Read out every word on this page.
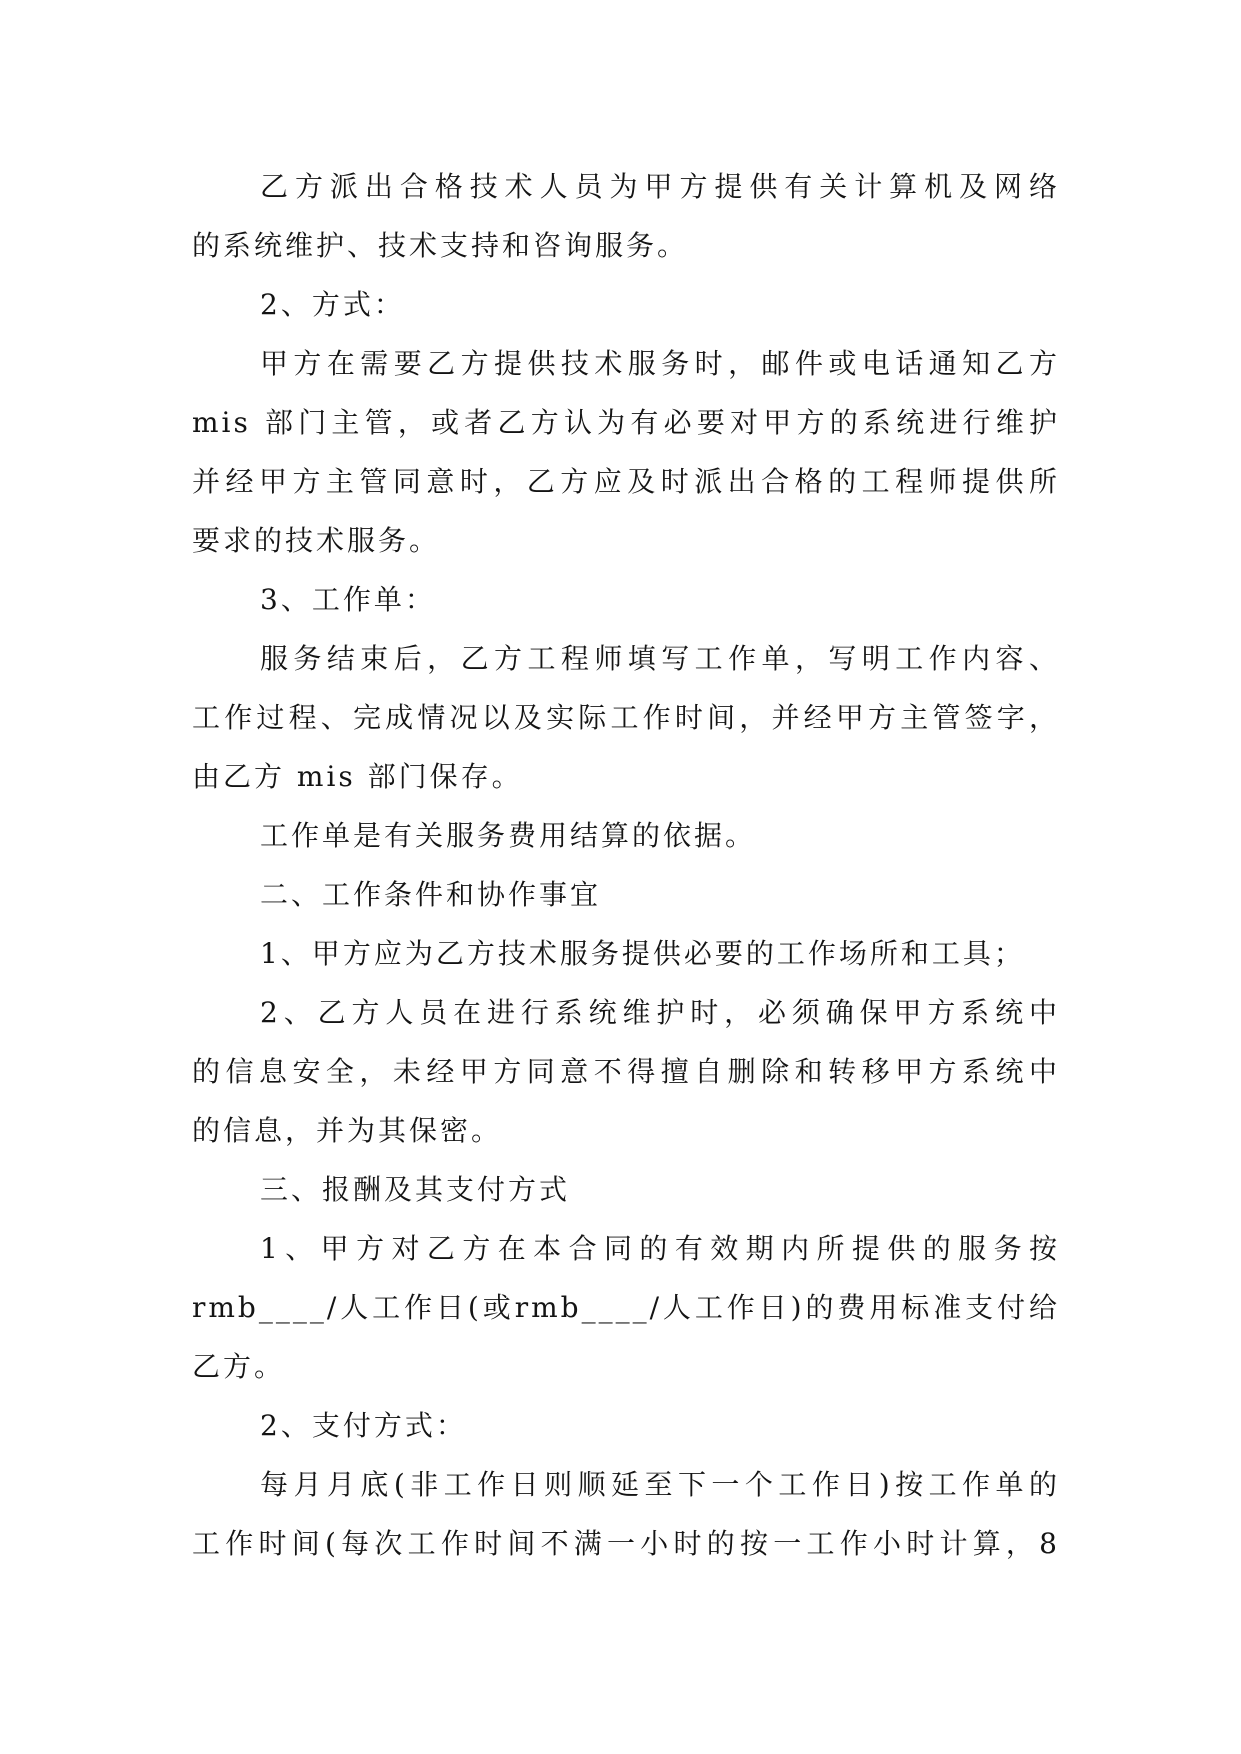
乙方派出合格技术人员为甲方提供有关计算机及网络
的系统维护、技术支持和咨询服务。
2、方式：
甲方在需要乙方提供技术服务时，邮件或电话通知乙方
mis 部门主管，或者乙方认为有必要对甲方的系统进行维护
并经甲方主管同意时，乙方应及时派出合格的工程师提供所
要求的技术服务。
3、工作单：
服务结束后，乙方工程师填写工作单，写明工作内容、
工作过程、完成情况以及实际工作时间，并经甲方主管签字，
由乙方 mis 部门保存。
工作单是有关服务费用结算的依据。
二、工作条件和协作事宜
1、甲方应为乙方技术服务提供必要的工作场所和工具；
2、乙方人员在进行系统维护时，必须确保甲方系统中
的信息安全，未经甲方同意不得擅自删除和转移甲方系统中
的信息，并为其保密。
三、报酬及其支付方式
1、甲方对乙方在本合同的有效期内所提供的服务按
rmb____/人工作日(或rmb____/人工作日)的费用标准支付给
乙方。
2、支付方式：
每月月底(非工作日则顺延至下一个工作日)按工作单的
工作时间(每次工作时间不满一小时的按一工作小时计算，8
